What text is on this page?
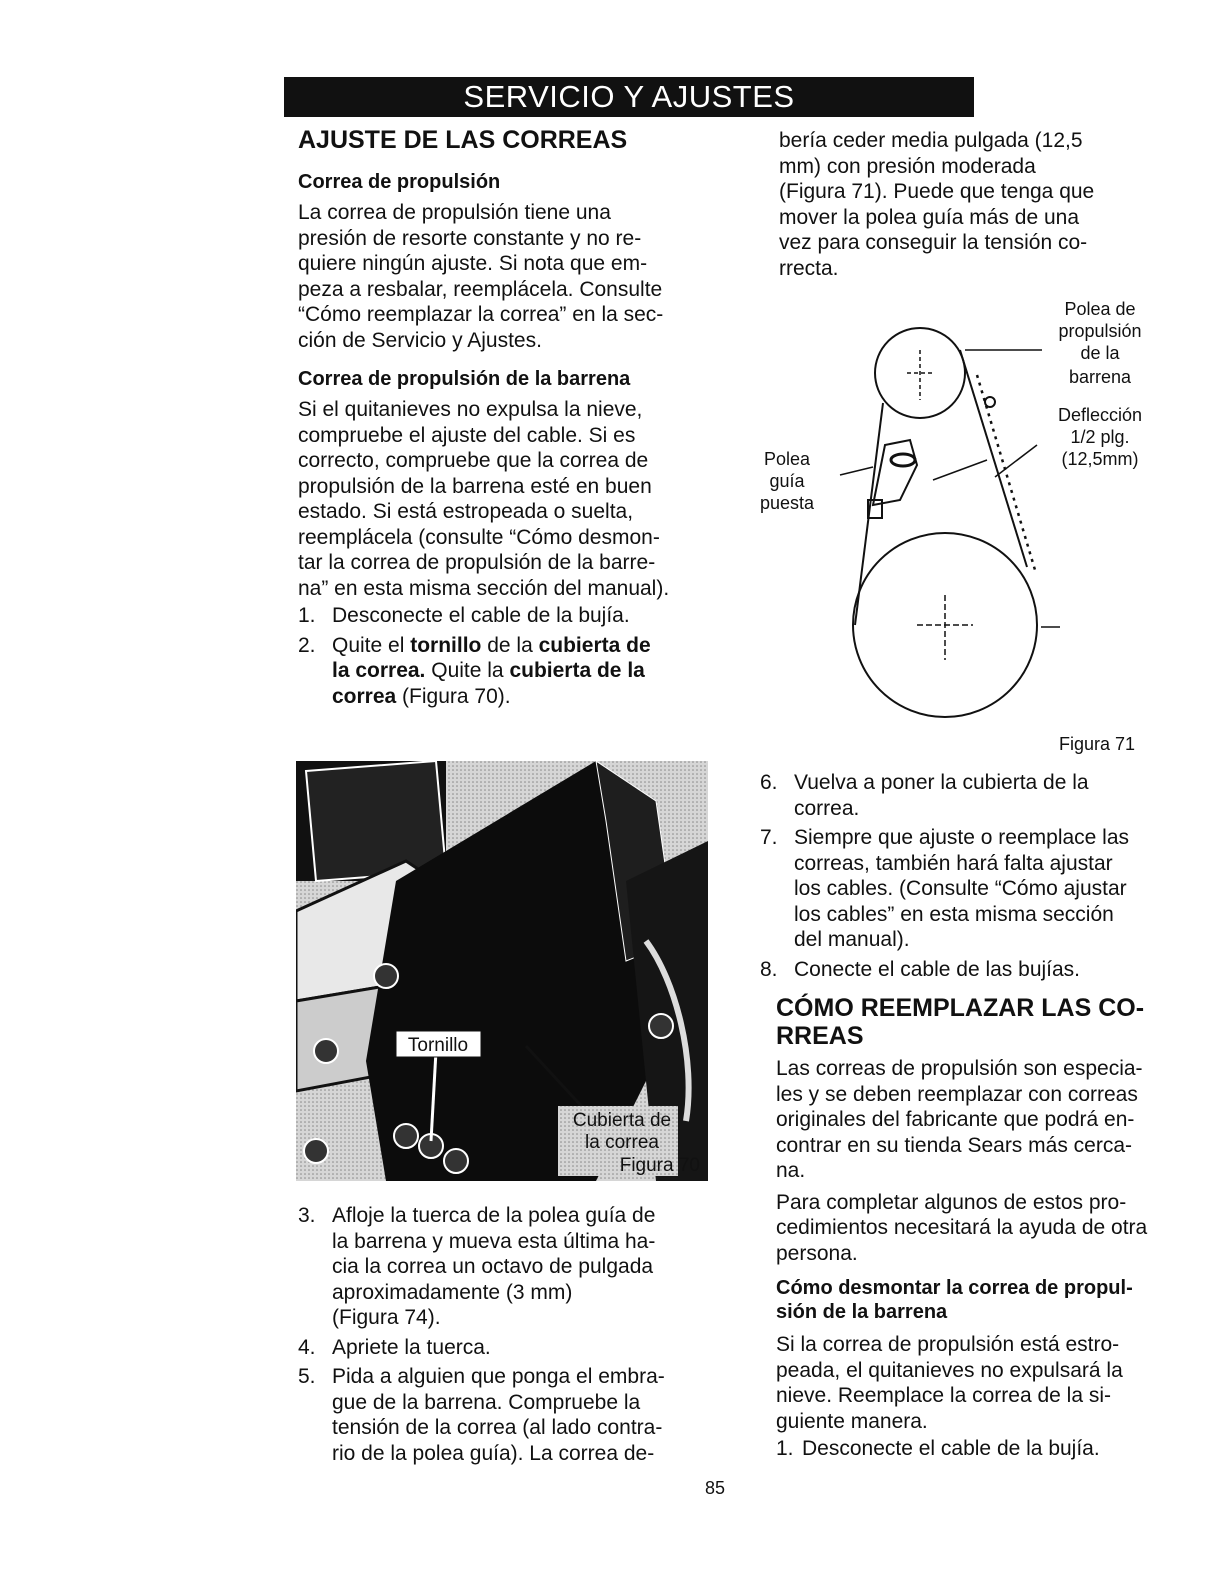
SERVICIO Y AJUSTES
AJUSTE DE LAS CORREAS
Correa de propulsión

La correa de propulsión tiene una
presión de resorte constante y no re-
quiere ningún ajuste. Si nota que em-
peza a resbalar, reemplácela. Consulte
“Cómo reemplazar la correa” en la sec-
ción de Servicio y Ajustes.

Correa de propulsión de la barrena

Si el quitanieves no expulsa la nieve,
compruebe el ajuste del cable. Si es
correcto, compruebe que la correa de
propulsión de la barrena esté en buen
estado. Si está estropeada o suelta,
reemplácela (consulte “Cómo desmon-
tar la correa de propulsión de la barre-
na” en esta misma sección del manual).

1. Desconecte el cable de la bujía.
2. Quite el tornillo de la cubierta de
la correa. Quite la cubierta de la
correa (Figura 70).
Tornillo
Cubierta de
la correa
Figura 70
3. Afloje la tuerca de la polea guía de
la barrena y mueva esta última ha-
cia la correa un octavo de pulgada
aproximadamente (3 mm)
(Figura 74).
4. Apriete la tuerca.
5. Pida a alguien que ponga el embra-
gue de la barrena. Compruebe la
tensión de la correa (al lado contra-
rio de la polea guía). La correa de-

bería ceder media pulgada (12,5
mm) con presión moderada
(Figura 71). Puede que tenga que
mover la polea guía más de una
vez para conseguir la tensión co-
rrecta.

Polea de
propulsión
de la
barrena
Deflección
1/2 plg.
(12,5mm)
Polea
guía
puesta
Figura 71
6. Vuelva a poner la cubierta de la
correa.
7. Siempre que ajuste o reemplace las
correas, también hará falta ajustar
los cables. (Consulte “Cómo ajustar
los cables” en esta misma sección
del manual).
8. Conecte el cable de las bujías.
CÓMO REEMPLAZAR LAS CO-
RREAS

Las correas de propulsión son especia-
les y se deben reemplazar con correas
originales del fabricante que podrá en-
contrar en su tienda Sears más cerca-
na.

Para completar algunos de estos pro-
cedimientos necesitará la ayuda de otra
persona.

Cómo desmontar la correa de propul-
sión de la barrena

Si la correa de propulsión está estro-
peada, el quitanieves no expulsará la
nieve. Reemplace la correa de la si-
guiente manera.

1. Desconecte el cable de la bujía.
85
